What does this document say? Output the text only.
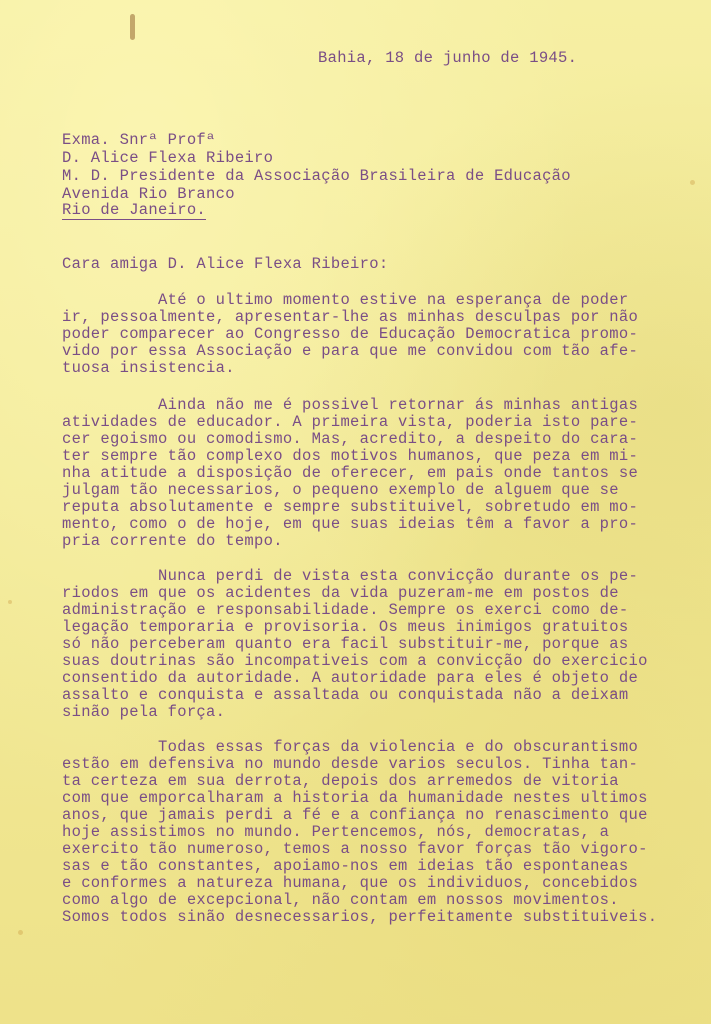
Bahia, 18 de junho de 1945.
Exma. Snrª Profª
D. Alice Flexa Ribeiro
M. D. Presidente da Associação Brasileira de Educação
Avenida Rio Branco
Rio de Janeiro.
Cara amiga D. Alice Flexa Ribeiro:
Até o ultimo momento estive na esperança de poder
ir, pessoalmente, apresentar-lhe as minhas desculpas por não
poder comparecer ao Congresso de Educação Democratica promo-
vido por essa Associação e para que me convidou com tão afe-
tuosa insistencia.
Ainda não me é possivel retornar ás minhas antigas
atividades de educador. A primeira vista, poderia isto pare-
cer egoismo ou comodismo. Mas, acredito, a despeito do cara-
ter sempre tão complexo dos motivos humanos, que peza em mi-
nha atitude a disposição de oferecer, em pais onde tantos se
julgam tão necessarios, o pequeno exemplo de alguem que se
reputa absolutamente e sempre substituivel, sobretudo em mo-
mento, como o de hoje, em que suas ideias têm a favor a pro-
pria corrente do tempo.
Nunca perdi de vista esta convicção durante os pe-
riodos em que os acidentes da vida puzeram-me em postos de
administração e responsabilidade. Sempre os exerci como de-
legação temporaria e provisoria. Os meus inimigos gratuitos
só não perceberam quanto era facil substituir-me, porque as
suas doutrinas são incompativeis com a convicção do exercicio
consentido da autoridade. A autoridade para eles é objeto de
assalto e conquista e assaltada ou conquistada não a deixam
sinão pela força.
Todas essas forças da violencia e do obscurantismo
estão em defensiva no mundo desde varios seculos. Tinha tan-
ta certeza em sua derrota, depois dos arremedos de vitoria
com que emporcalharam a historia da humanidade nestes ultimos
anos, que jamais perdi a fé e a confiança no renascimento que
hoje assistimos no mundo. Pertencemos, nós, democratas, a
exercito tão numeroso, temos a nosso favor forças tão vigoro-
sas e tão constantes, apoiamo-nos em ideias tão espontaneas
e conformes a natureza humana, que os individuos, concebidos
como algo de excepcional, não contam em nossos movimentos.
Somos todos sinão desnecessarios, perfeitamente substituiveis.
